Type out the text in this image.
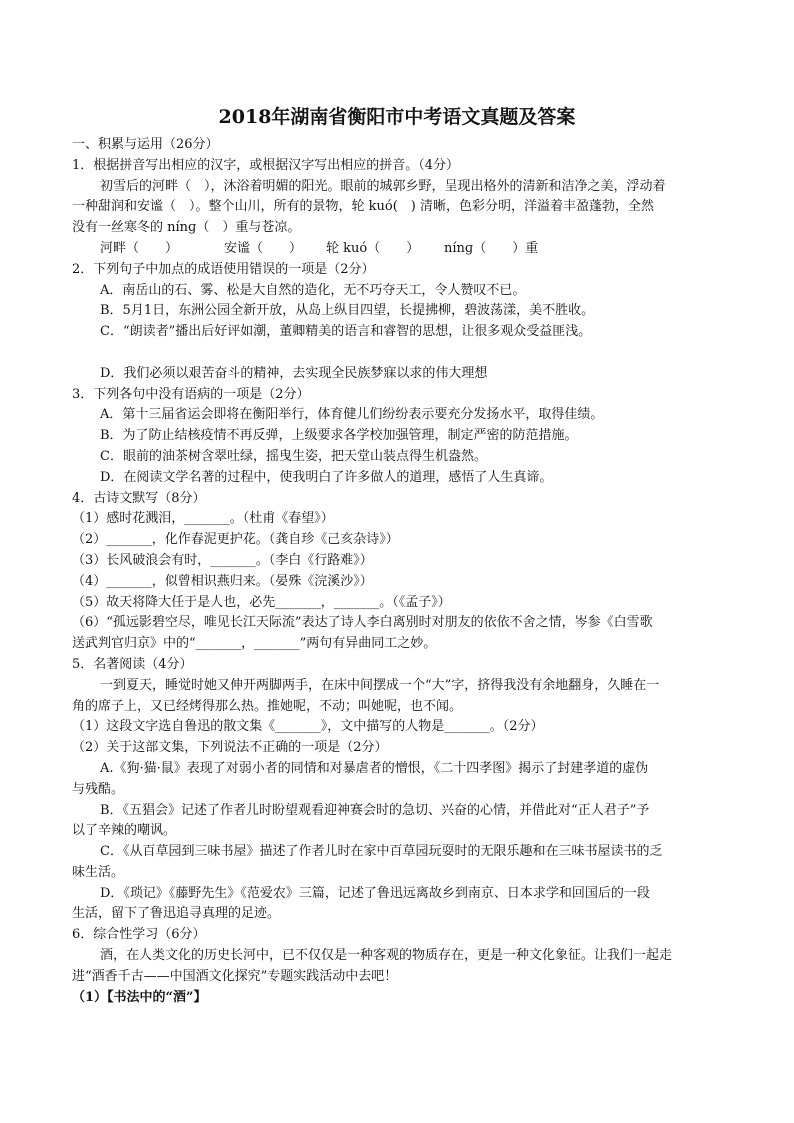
2018年湖南省衡阳市中考语文真题及答案
一、积累与运用（26分）
1．根据拼音写出相应的汉字，或根据汉字写出相应的拼音。（4分）
初雪后的河畔（　），沐浴着明媚的阳光。眼前的城郭乡野，呈现出格外的清新和洁净之美，浮动着
一种甜润和安谧（　）。整个山川，所有的景物，轮 kuó(　) 清晰，色彩分明，洋溢着丰盈蓬勃，全然
没有一丝寒冬的 nínɡ（　）重与苍凉。
河畔（　　）	安谧（　　） 轮 kuó（　　） nínɡ（　　）重
2．下列句子中加点的成语使用错误的一项是（2分）
A．南岳山的石、雾、松是大自然的造化，无不巧夺天工，令人赞叹不已。
B．5月1日，东洲公园全新开放，从岛上纵目四望，长提拂柳，碧波荡漾，美不胜收。
C．“朗读者”播出后好评如潮，董卿精美的语言和睿智的思想，让很多观众受益匪浅。
D．我们必须以艰苦奋斗的精神，去实现全民族梦寐以求的伟大理想
3．下列各句中没有语病的一项是（2分）
A．第十三届省运会即将在衡阳举行，体育健儿们纷纷表示要充分发扬水平，取得佳绩。
B．为了防止结核疫情不再反弹，上级要求各学校加强管理，制定严密的防范措施。
C．眼前的油茶树含翠吐绿，摇曳生姿，把天堂山装点得生机盎然。
D．在阅读文学名著的过程中，使我明白了许多做人的道理，感悟了人生真谛。
4．古诗文默写（8分）
（1）感时花溅泪，_______。（杜甫《春望》）
（2）_______，化作春泥更护花。（龚自珍《己亥杂诗》）
（3）长风破浪会有时，_______。（李白《行路难》）
（4）_______，似曾相识燕归来。（晏殊《浣溪沙》）
（5）故天将降大任于是人也，必先_______，_______。（《孟子》）
（6）“孤远影碧空尽，唯见长江天际流”表达了诗人李白离别时对朋友的依依不舍之情，岑参《白雪歌
送武判官归京》中的“_______，_______”两句有异曲同工之妙。
5．名著阅读（4分）
一到夏天，睡觉时她又伸开两脚两手，在床中间摆成一个“大”字，挤得我没有余地翻身，久睡在一
角的席子上，又已经烤得那么热。推她呢，不动；叫她呢，也不闻。
（1）这段文字选自鲁迅的散文集《_______》，文中描写的人物是_______。（2分）
（2）关于这部文集，下列说法不正确的一项是（2分）
A.《狗·猫·鼠》表现了对弱小者的同情和对暴虐者的憎恨，《二十四孝图》揭示了封建孝道的虚伪
与残酷。
B．《五猖会》记述了作者儿时盼望观看迎神赛会时的急切、兴奋的心情，并借此对“正人君子”予
以了辛辣的嘲讽。
C．《从百草园到三味书屋》描述了作者儿时在家中百草园玩耍时的无限乐趣和在三味书屋读书的乏
味生活。
D．《琐记》《藤野先生》《范爱农》三篇，记述了鲁迅远离故乡到南京、日本求学和回国后的一段
生活，留下了鲁迅追寻真理的足迹。
6．综合性学习（6分）
酒，在人类文化的历史长河中，已不仅仅是一种客观的物质存在，更是一种文化象征。让我们一起走
进“酒香千古——中国酒文化探究”专题实践活动中去吧！
（1）【书法中的“酒”】
